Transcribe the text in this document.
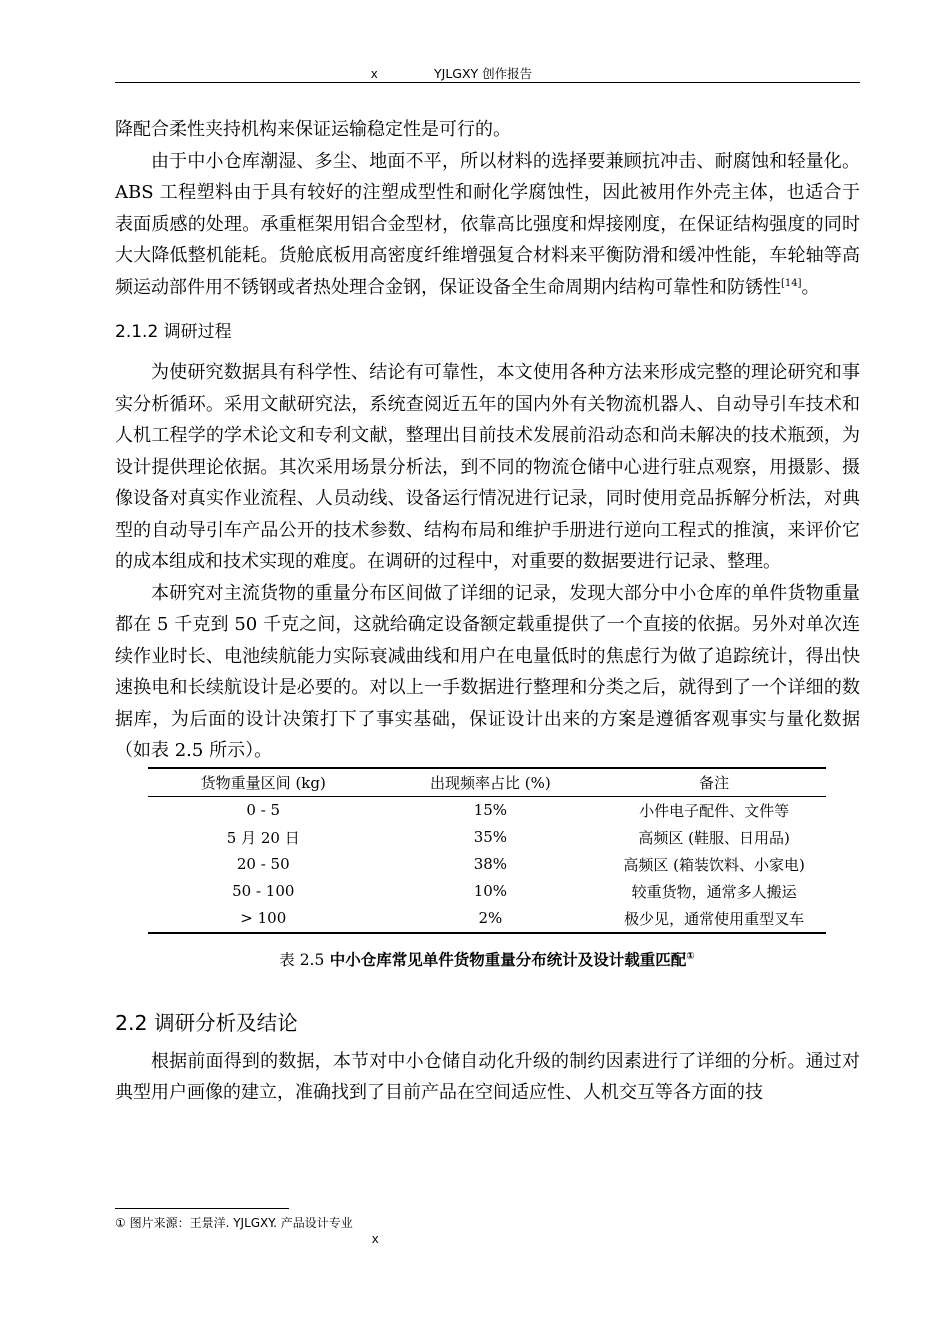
x	YJLGXY 创作报告

降配合柔性夹持机构来保证运输稳定性是可行的。

由于中小仓库潮湿、多尘、地面不平，所以材料的选择要兼顾抗冲击、耐腐蚀和轻量化。ABS 工程塑料由于具有较好的注塑成型性和耐化学腐蚀性，因此被用作外壳主体，也适合于表面质感的处理。承重框架用铝合金型材，依靠高比强度和焊接刚度，在保证结构强度的同时大大降低整机能耗。货舱底板用高密度纤维增强复合材料来平衡防滑和缓冲性能，车轮轴等高频运动部件用不锈钢或者热处理合金钢，保证设备全生命周期内结构可靠性和防锈性[14]。

2.1.2 调研过程

为使研究数据具有科学性、结论有可靠性，本文使用各种方法来形成完整的理论研究和事实分析循环。采用文献研究法，系统查阅近五年的国内外有关物流机器人、自动导引车技术和人机工程学的学术论文和专利文献，整理出目前技术发展前沿动态和尚未解决的技术瓶颈，为设计提供理论依据。其次采用场景分析法，到不同的物流仓储中心进行驻点观察，用摄影、摄像设备对真实作业流程、人员动线、设备运行情况进行记录，同时使用竞品拆解分析法，对典型的自动导引车产品公开的技术参数、结构布局和维护手册进行逆向工程式的推演，来评价它的成本组成和技术实现的难度。在调研的过程中，对重要的数据要进行记录、整理。

本研究对主流货物的重量分布区间做了详细的记录，发现大部分中小仓库的单件货物重量都在 5 千克到 50 千克之间，这就给确定设备额定载重提供了一个直接的依据。另外对单次连续作业时长、电池续航能力实际衰减曲线和用户在电量低时的焦虑行为做了追踪统计，得出快速换电和长续航设计是必要的。对以上一手数据进行整理和分类之后，就得到了一个详细的数据库，为后面的设计决策打下了事实基础，保证设计出来的方案是遵循客观事实与量化数据（如表 2.5 所示）。

货物重量区间 (kg)	出现频率占比 (%)	备注
0 - 5	15%	小件电子配件、文件等
5 月 20 日	35%	高频区 (鞋服、日用品)
20 - 50	38%	高频区 (箱装饮料、小家电)
50 - 100	10%	较重货物，通常多人搬运
> 100	2%	极少见，通常使用重型叉车
表 2.5 中小仓库常见单件货物重量分布统计及设计载重匹配①
2.2 调研分析及结论

根据前面得到的数据，本节对中小仓储自动化升级的制约因素进行了详细的分析。通过对典型用户画像的建立，准确找到了目前产品在空间适应性、人机交互等各方面的技

① 图片来源：王景洋. YJLGXY. 产品设计专业
x
